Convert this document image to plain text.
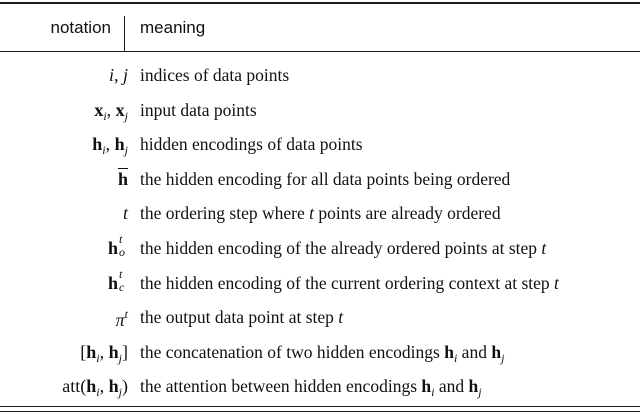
notation meaning
i, j indices of data points
$x_i$, $x_j$ input data points
$h_i$, $h_j$ hidden encodings of data points
$\overline{h}$ the hidden encoding for all data points being ordered
t the ordering step where t points are already ordered
h t
o the hidden encoding of the already ordered points at step t
h t
c the hidden encoding of the current ordering context at step t
$\pi^t$ the output data point at step t
[$h_i$, $h_j$] the concatenation of two hidden encodings $h_i$ and $h_j$
$att(h_i$, $h_j$) the attention between hidden encodings $h_i$ and $h_j$
